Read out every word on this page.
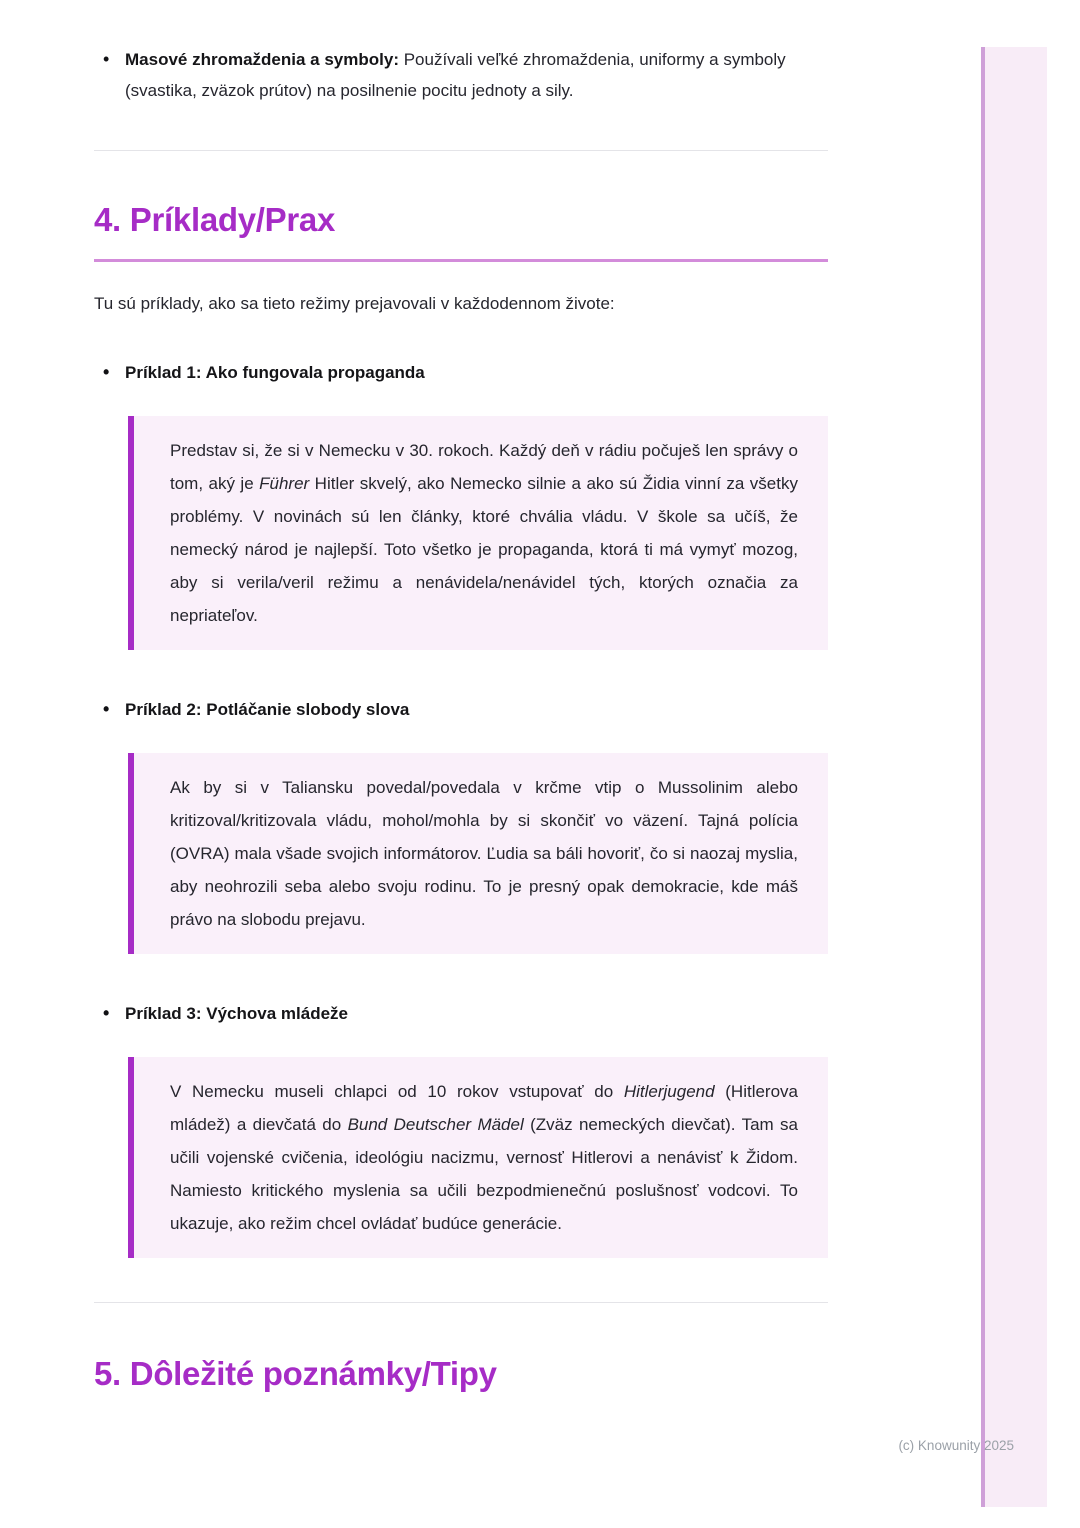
• Masové zhromaždenia a symboly: Používali veľké zhromaždenia, uniformy a symboly (svastika, zväzok prútov) na posilnenie pocitu jednoty a sily.
4. Príklady/Prax

Tu sú príklady, ako sa tieto režimy prejavovali v každodennom živote:

• Príklad 1: Ako fungovala propaganda

Predstav si, že si v Nemecku v 30. rokoch. Každý deň v rádiu počuješ len správy o tom, aký je Führer Hitler skvelý, ako Nemecko silnie a ako sú Židia vinní za všetky problémy. V novinách sú len články, ktoré chvália vládu. V škole sa učíš, že nemecký národ je najlepší. Toto všetko je propaganda, ktorá ti má vymyť mozog, aby si verila/veril režimu a nenávidela/nenávidel tých, ktorých označia za nepriateľov.

• Príklad 2: Potláčanie slobody slova

Ak by si v Taliansku povedal/povedala v krčme vtip o Mussolinim alebo kritizoval/kritizovala vládu, mohol/mohla by si skončiť vo väzení. Tajná polícia (OVRA) mala všade svojich informátorov. Ľudia sa báli hovoriť, čo si naozaj myslia, aby neohrozili seba alebo svoju rodinu. To je presný opak demokracie, kde máš právo na slobodu prejavu.

• Príklad 3: Výchova mládeže

V Nemecku museli chlapci od 10 rokov vstupovať do Hitlerjugend (Hitlerova mládež) a dievčatá do Bund Deutscher Mädel (Zväz nemeckých dievčat). Tam sa učili vojenské cvičenia, ideológiu nacizmu, vernosť Hitlerovi a nenávisť k Židom. Namiesto kritického myslenia sa učili bezpodmienečnú poslušnosť vodcovi. To ukazuje, ako režim chcel ovládať budúce generácie.

5. Dôležité poznámky/Tipy
(c) Knowunity 2025
